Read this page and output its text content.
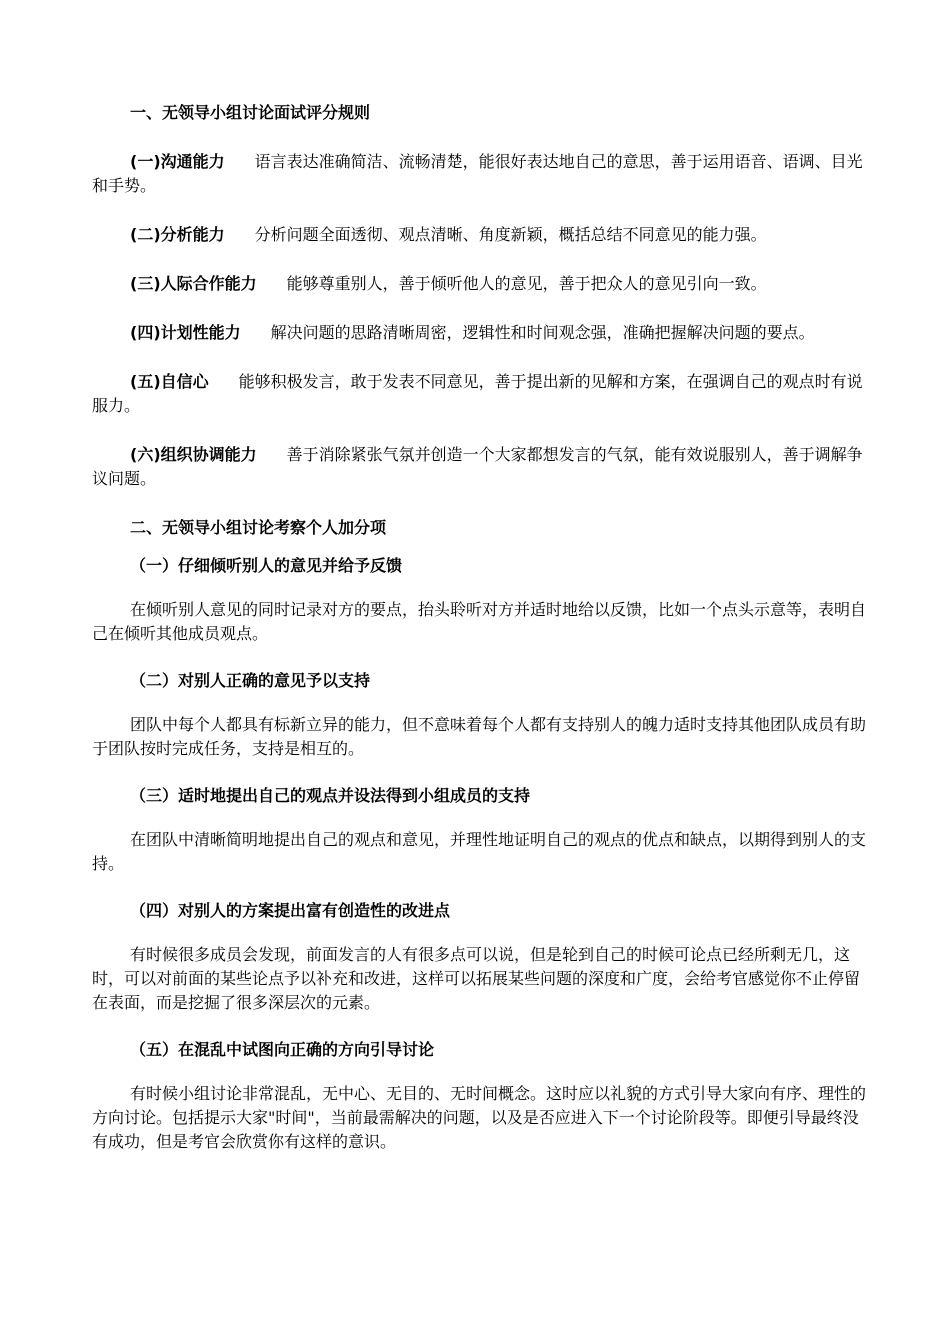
一、无领导小组讨论面试评分规则

(一)沟通能力 语言表达准确简洁、流畅清楚，能很好表达地自己的意思，善于运用语音、语调、目光和手势。

(二)分析能力 分析问题全面透彻、观点清晰、角度新颖，概括总结不同意见的能力强。

(三)人际合作能力 能够尊重别人，善于倾听他人的意见，善于把众人的意见引向一致。

(四)计划性能力 解决问题的思路清晰周密，逻辑性和时间观念强，准确把握解决问题的要点。

(五)自信心 能够积极发言，敢于发表不同意见，善于提出新的见解和方案，在强调自己的观点时有说服力。

(六)组织协调能力 善于消除紧张气氛并创造一个大家都想发言的气氛，能有效说服别人，善于调解争议问题。

二、无领导小组讨论考察个人加分项

（一）仔细倾听别人的意见并给予反馈

在倾听别人意见的同时记录对方的要点，抬头聆听对方并适时地给以反馈，比如一个点头示意等，表明自己在倾听其他成员观点。

（二）对别人正确的意见予以支持

团队中每个人都具有标新立异的能力，但不意味着每个人都有支持别人的魄力适时支持其他团队成员有助于团队按时完成任务，支持是相互的。

（三）适时地提出自己的观点并设法得到小组成员的支持

在团队中清晰简明地提出自己的观点和意见，并理性地证明自己的观点的优点和缺点，以期得到别人的支持。

（四）对别人的方案提出富有创造性的改进点

有时候很多成员会发现，前面发言的人有很多点可以说，但是轮到自己的时候可论点已经所剩无几，这时，可以对前面的某些论点予以补充和改进，这样可以拓展某些问题的深度和广度，会给考官感觉你不止停留在表面，而是挖掘了很多深层次的元素。

（五）在混乱中试图向正确的方向引导讨论

有时候小组讨论非常混乱，无中心、无目的、无时间概念。这时应以礼貌的方式引导大家向有序、理性的方向讨论。包括提示大家"时间"，当前最需解决的问题，以及是否应进入下一个讨论阶段等。即便引导最终没有成功，但是考官会欣赏你有这样的意识。
